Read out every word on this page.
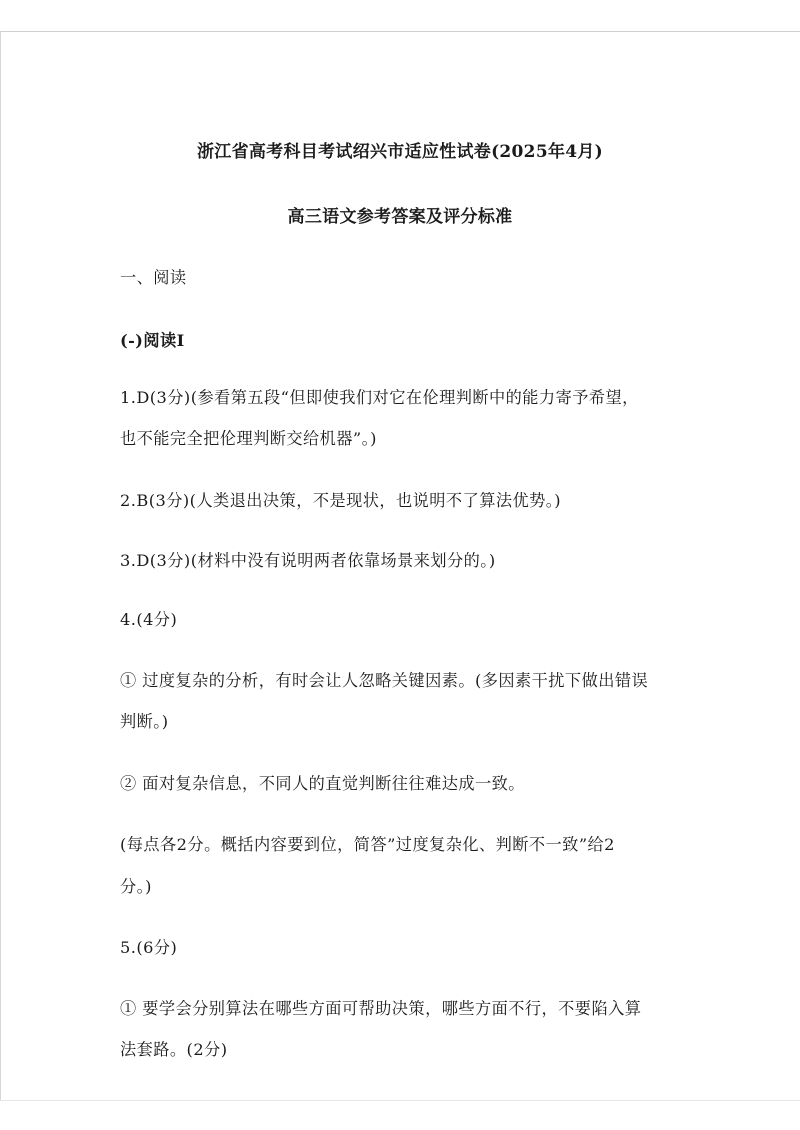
浙江省高考科目考试绍兴市适应性试卷(2025年4月)
高三语文参考答案及评分标准
一、阅读
(-)阅读I
1.D(3分)(参看第五段“但即使我们对它在伦理判断中的能力寄予希望，
也不能完全把伦理判断交给机器”。)
2.B(3分)(人类退出决策，不是现状，也说明不了算法优势。)
3.D(3分)(材料中没有说明两者依靠场景来划分的。)
4.(4分)
① 过度复杂的分析，有时会让人忽略关键因素。(多因素干扰下做出错误
判断。)
② 面对复杂信息，不同人的直觉判断往往难达成一致。
(每点各2分。概括内容要到位，简答”过度复杂化、判断不一致”给2
分。)
5.(6分)
① 要学会分别算法在哪些方面可帮助决策，哪些方面不行，不要陷入算
法套路。(2分)
